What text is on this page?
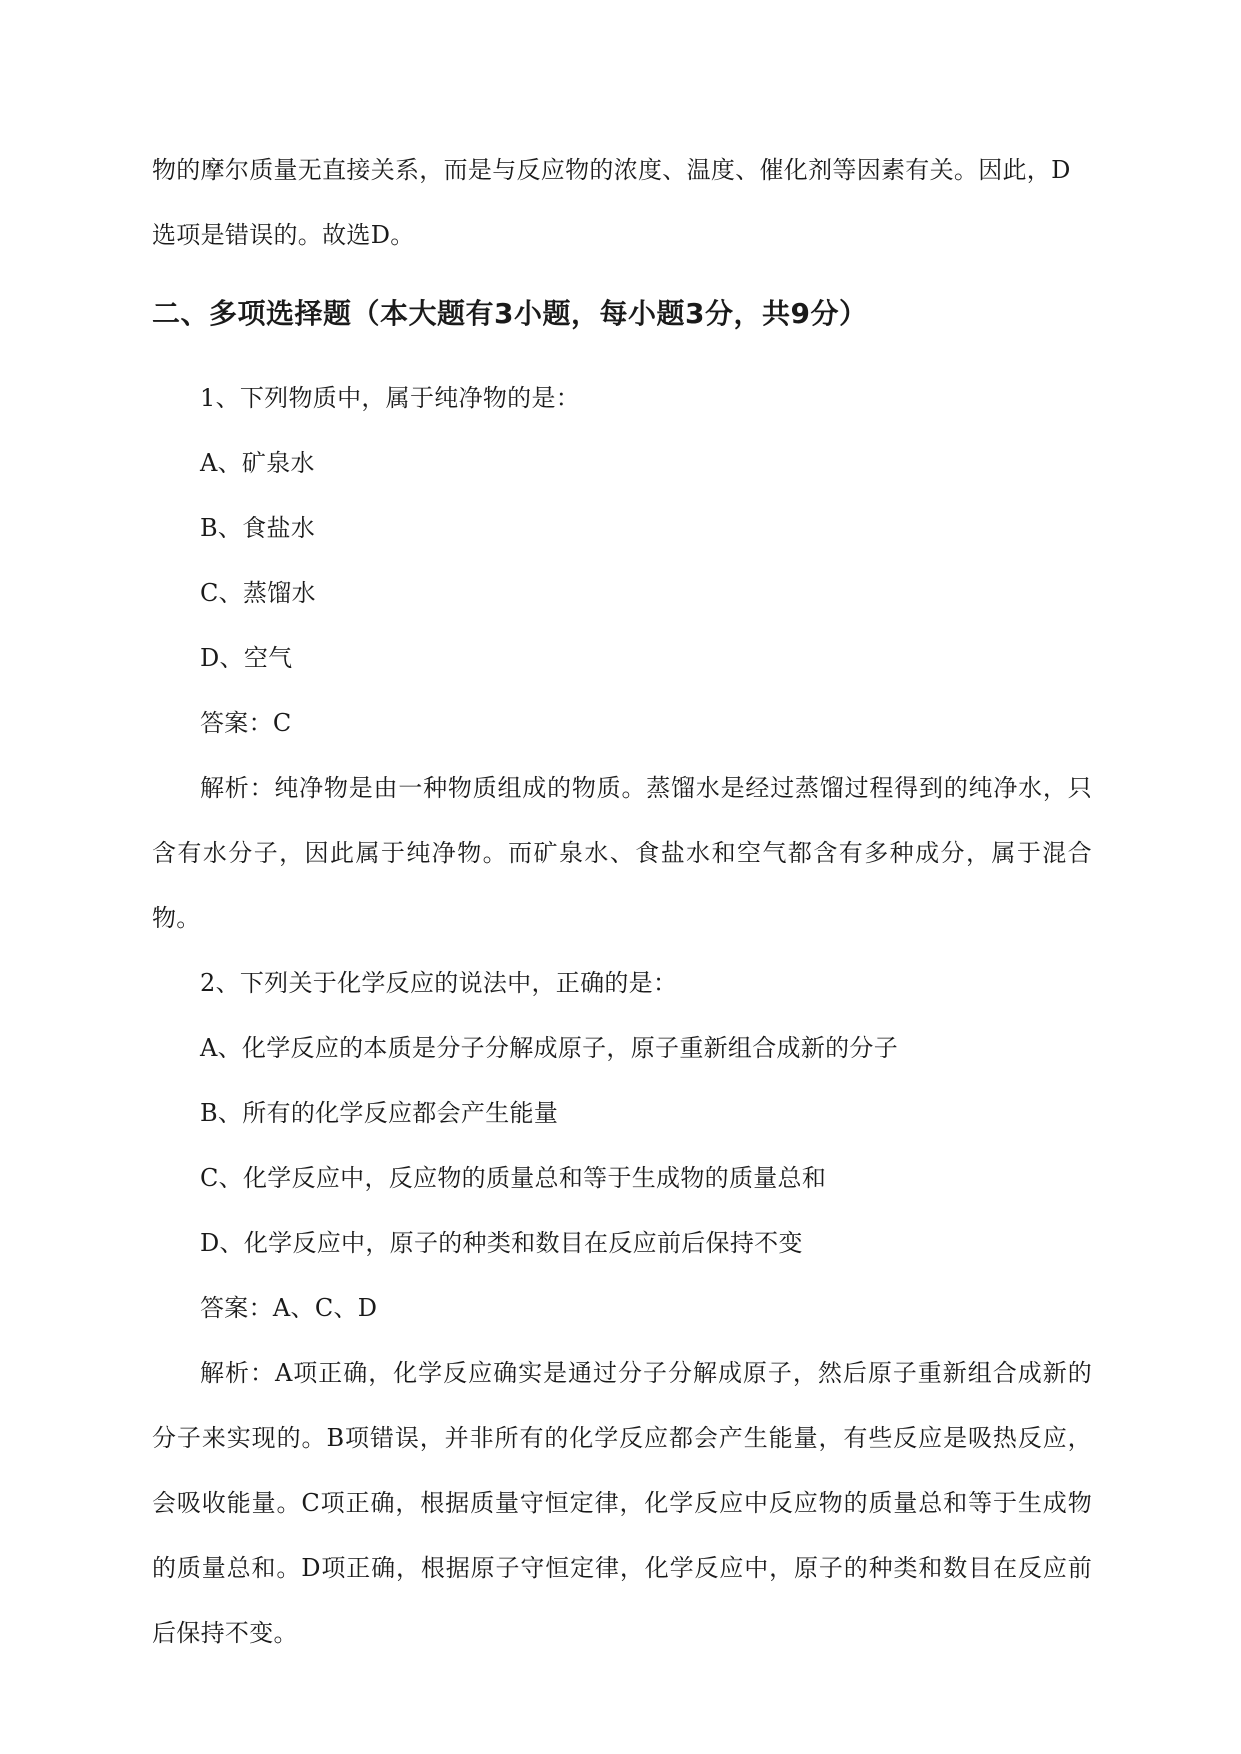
物的摩尔质量无直接关系，而是与反应物的浓度、温度、催化剂等因素有关。因此，D

选项是错误的。故选D。

二、多项选择题（本大题有3小题，每小题3分，共9分）

1、下列物质中，属于纯净物的是：

A、矿泉水

B、食盐水

C、蒸馏水

D、空气

答案：C

解析：纯净物是由一种物质组成的物质。蒸馏水是经过蒸馏过程得到的纯净水，只含有水分子，因此属于纯净物。而矿泉水、食盐水和空气都含有多种成分，属于混合物。

2、下列关于化学反应的说法中，正确的是：

A、化学反应的本质是分子分解成原子，原子重新组合成新的分子

B、所有的化学反应都会产生能量

C、化学反应中，反应物的质量总和等于生成物的质量总和

D、化学反应中，原子的种类和数目在反应前后保持不变

答案：A、C、D

解析：A项正确，化学反应确实是通过分子分解成原子，然后原子重新组合成新的分子来实现的。B项错误，并非所有的化学反应都会产生能量，有些反应是吸热反应，会吸收能量。C项正确，根据质量守恒定律，化学反应中反应物的质量总和等于生成物的质量总和。D项正确，根据原子守恒定律，化学反应中，原子的种类和数目在反应前后保持不变。
